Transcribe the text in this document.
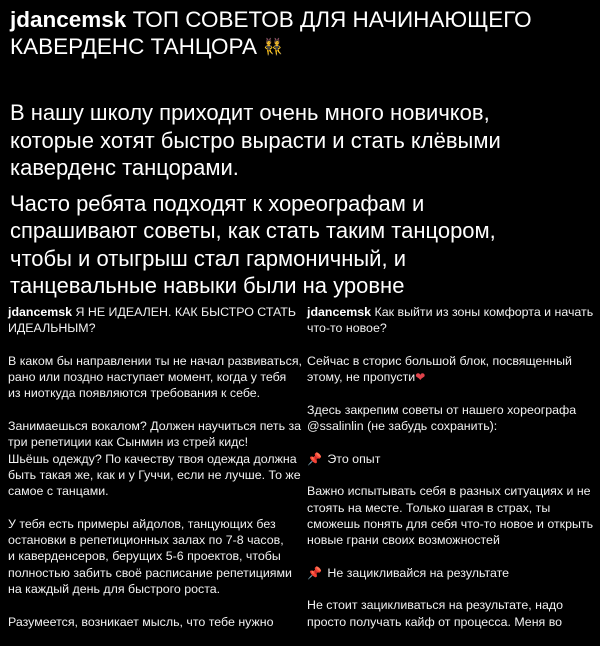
jdancemsk ТОП СОВЕТОВ ДЛЯ НАЧИНАЮЩЕГО
КАВЕРДЕНС ТАНЦОРА 👯

В нашу школу приходит очень много новичков,
которые хотят быстро вырасти и стать клёвыми
каверденс танцорами.

Часто ребята подходят к хореографам и
спрашивают советы, как стать таким танцором,
чтобы и отыгрыш стал гармоничный, и
танцевальные навыки были на уровне

jdancemsk Я НЕ ИДЕАЛЕН. КАК БЫСТРО СТАТЬ
ИДЕАЛЬНЫМ?
В каком бы направлении ты не начал развиваться,
рано или поздно наступает момент, когда у тебя
из ниоткуда появляются требования к себе.
Занимаешься вокалом? Должен научиться петь за
три репетиции как Сынмин из стрей кидс!
Шьёшь одежду? По качеству твоя одежда должна
быть такая же, как и у Гуччи, если не лучше. То же
самое с танцами.
У тебя есть примеры айдолов, танцующих без
остановки в репетиционных залах по 7-8 часов,
и каверденсеров, берущих 5-6 проектов, чтобы
полностью забить своё расписание репетициями
на каждый день для быстрого роста.
Разумеется, возникает мысль, что тебе нужно
jdancemsk Как выйти из зоны комфорта и начать
что-то новое?
Сейчас в сторис большой блок, посвященный
этому, не пропусти❤
Здесь закрепим советы от нашего хореографа
@ssalinlin (не забудь сохранить):
📌 Это опыт
Важно испытывать себя в разных ситуациях и не
стоять на месте. Только шагая в страх, ты
сможешь понять для себя что-то новое и открыть
новые грани своих возможностей
📌 Не зацикливайся на результате
Не стоит зацикливаться на результате, надо
просто получать кайф от процесса. Меня во
